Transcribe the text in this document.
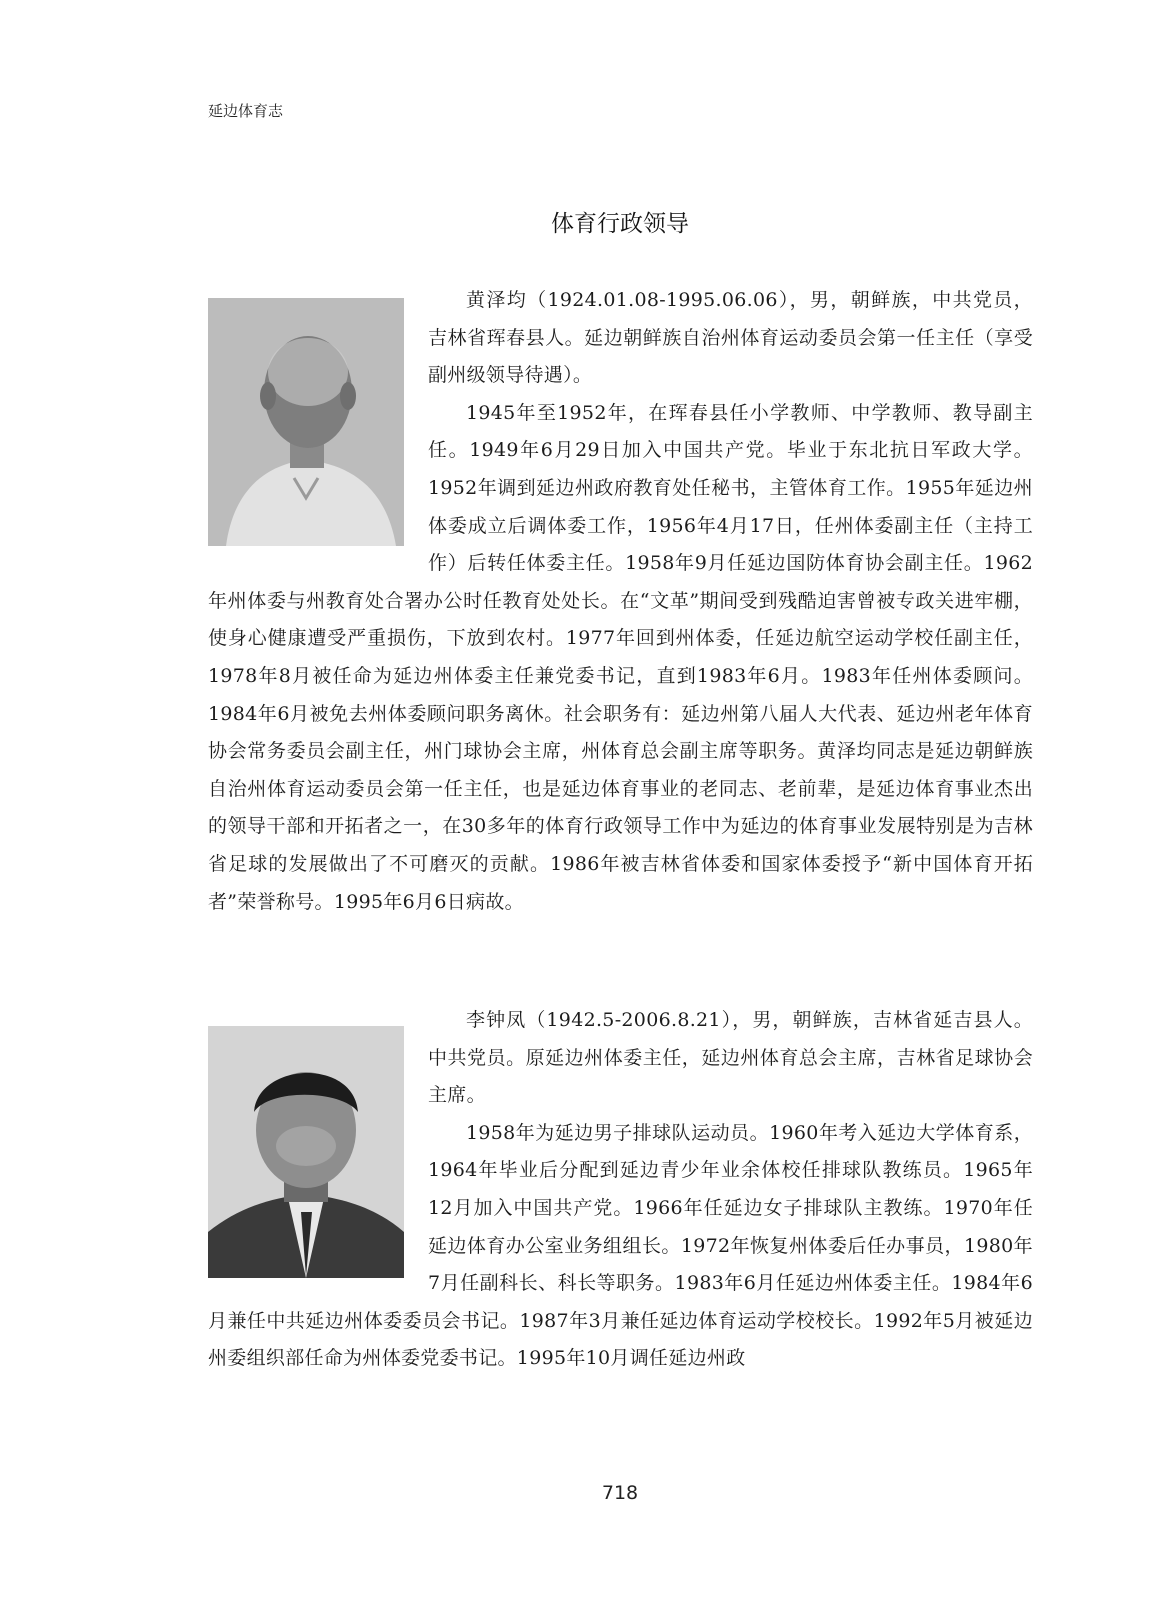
延边体育志
体育行政领导

黄泽均（1924.01.08-1995.06.06），男，朝鲜族，中共党员，吉林省珲春县人。延边朝鲜族自治州体育运动委员会第一任主任（享受副州级领导待遇）。

1945年至1952年，在珲春县任小学教师、中学教师、教导副主任。1949年6月29日加入中国共产党。毕业于东北抗日军政大学。1952年调到延边州政府教育处任秘书，主管体育工作。1955年延边州体委成立后调体委工作，1956年4月17日，任州体委副主任（主持工作）后转任体委主任。1958年9月任延边国防体育协会副主任。1962年州体委与州教育处合署办公时任教育处处长。在“文革”期间受到残酷迫害曾被专政关进牢棚，使身心健康遭受严重损伤，下放到农村。1977年回到州体委，任延边航空运动学校任副主任，1978年8月被任命为延边州体委主任兼党委书记，直到1983年6月。1983年任州体委顾问。1984年6月被免去州体委顾问职务离休。社会职务有：延边州第八届人大代表、延边州老年体育协会常务委员会副主任，州门球协会主席，州体育总会副主席等职务。黄泽均同志是延边朝鲜族自治州体育运动委员会第一任主任，也是延边体育事业的老同志、老前辈，是延边体育事业杰出的领导干部和开拓者之一，在30多年的体育行政领导工作中为延边的体育事业发展特别是为吉林省足球的发展做出了不可磨灭的贡献。1986年被吉林省体委和国家体委授予“新中国体育开拓者”荣誉称号。1995年6月6日病故。

李钟凤（1942.5-2006.8.21），男，朝鲜族，吉林省延吉县人。中共党员。原延边州体委主任，延边州体育总会主席，吉林省足球协会主席。

1958年为延边男子排球队运动员。1960年考入延边大学体育系，1964年毕业后分配到延边青少年业余体校任排球队教练员。1965年12月加入中国共产党。1966年任延边女子排球队主教练。1970年任延边体育办公室业务组组长。1972年恢复州体委后任办事员，1980年7月任副科长、科长等职务。1983年6月任延边州体委主任。1984年6月兼任中共延边州体委委员会书记。1987年3月兼任延边体育运动学校校长。1992年5月被延边州委组织部任命为州体委党委书记。1995年10月调任延边州政

718
